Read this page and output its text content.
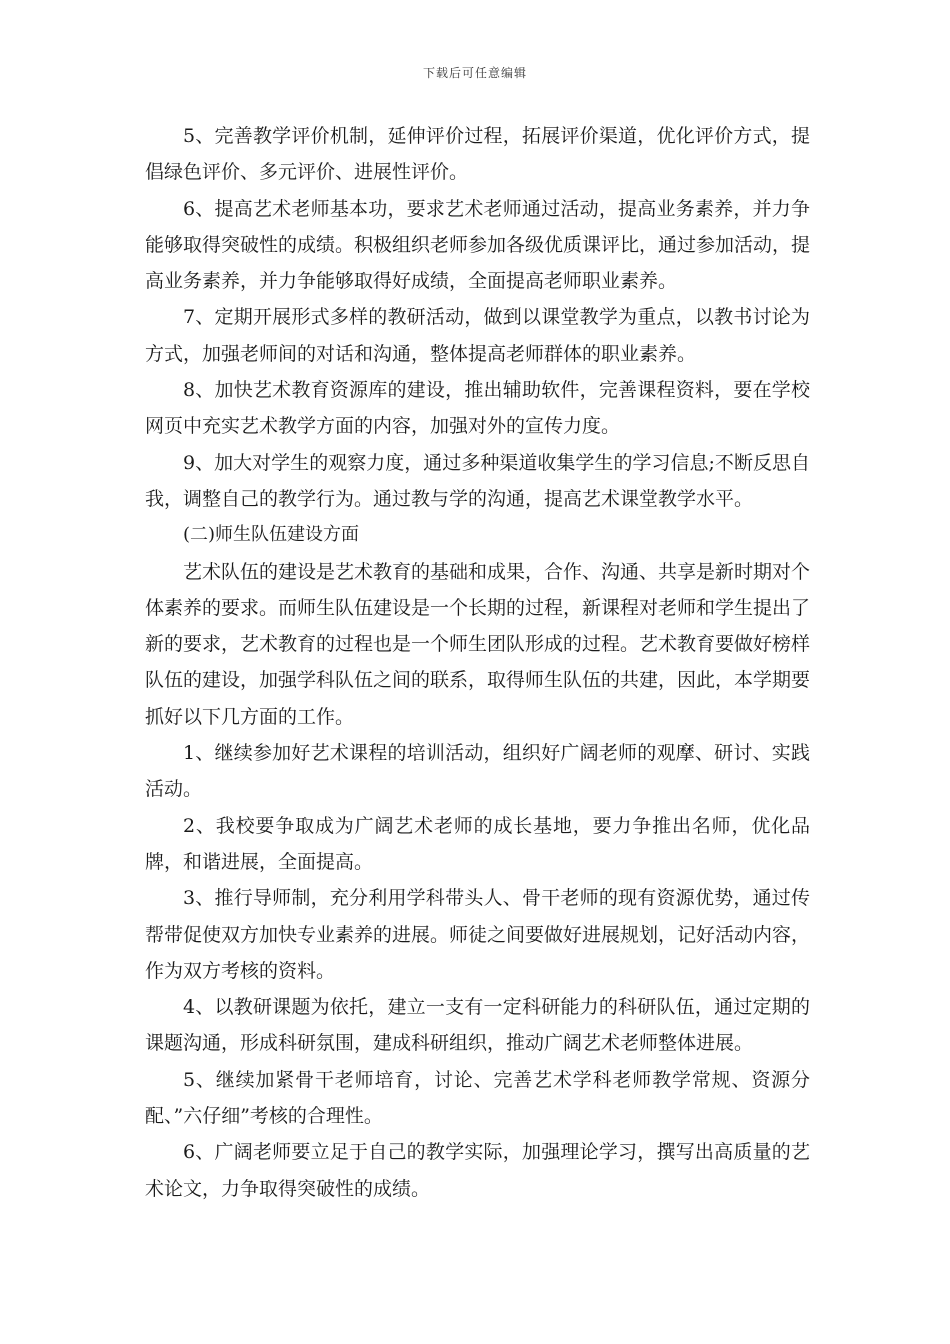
下载后可任意编辑

5、完善教学评价机制，延伸评价过程，拓展评价渠道，优化评价方式，提倡绿色评价、多元评价、进展性评价。

6、提高艺术老师基本功，要求艺术老师通过活动，提高业务素养，并力争能够取得突破性的成绩。积极组织老师参加各级优质课评比，通过参加活动，提高业务素养，并力争能够取得好成绩，全面提高老师职业素养。

7、定期开展形式多样的教研活动，做到以课堂教学为重点，以教书讨论为方式，加强老师间的对话和沟通，整体提高老师群体的职业素养。

8、加快艺术教育资源库的建设，推出辅助软件，完善课程资料，要在学校网页中充实艺术教学方面的内容，加强对外的宣传力度。

9、加大对学生的观察力度，通过多种渠道收集学生的学习信息;不断反思自我，调整自己的教学行为。通过教与学的沟通，提高艺术课堂教学水平。

(二)师生队伍建设方面

艺术队伍的建设是艺术教育的基础和成果，合作、沟通、共享是新时期对个体素养的要求。而师生队伍建设是一个长期的过程，新课程对老师和学生提出了新的要求，艺术教育的过程也是一个师生团队形成的过程。艺术教育要做好榜样队伍的建设，加强学科队伍之间的联系，取得师生队伍的共建，因此，本学期要抓好以下几方面的工作。

1、继续参加好艺术课程的培训活动，组织好广阔老师的观摩、研讨、实践活动。

2、我校要争取成为广阔艺术老师的成长基地，要力争推出名师，优化品牌，和谐进展，全面提高。

3、推行导师制，充分利用学科带头人、骨干老师的现有资源优势，通过传帮带促使双方加快专业素养的进展。师徒之间要做好进展规划，记好活动内容，作为双方考核的资料。

4、以教研课题为依托，建立一支有一定科研能力的科研队伍，通过定期的课题沟通，形成科研氛围，建成科研组织，推动广阔艺术老师整体进展。

5、继续加紧骨干老师培育，讨论、完善艺术学科老师教学常规、资源分配、”六仔细”考核的合理性。

6、广阔老师要立足于自己的教学实际，加强理论学习，撰写出高质量的艺术论文，力争取得突破性的成绩。
